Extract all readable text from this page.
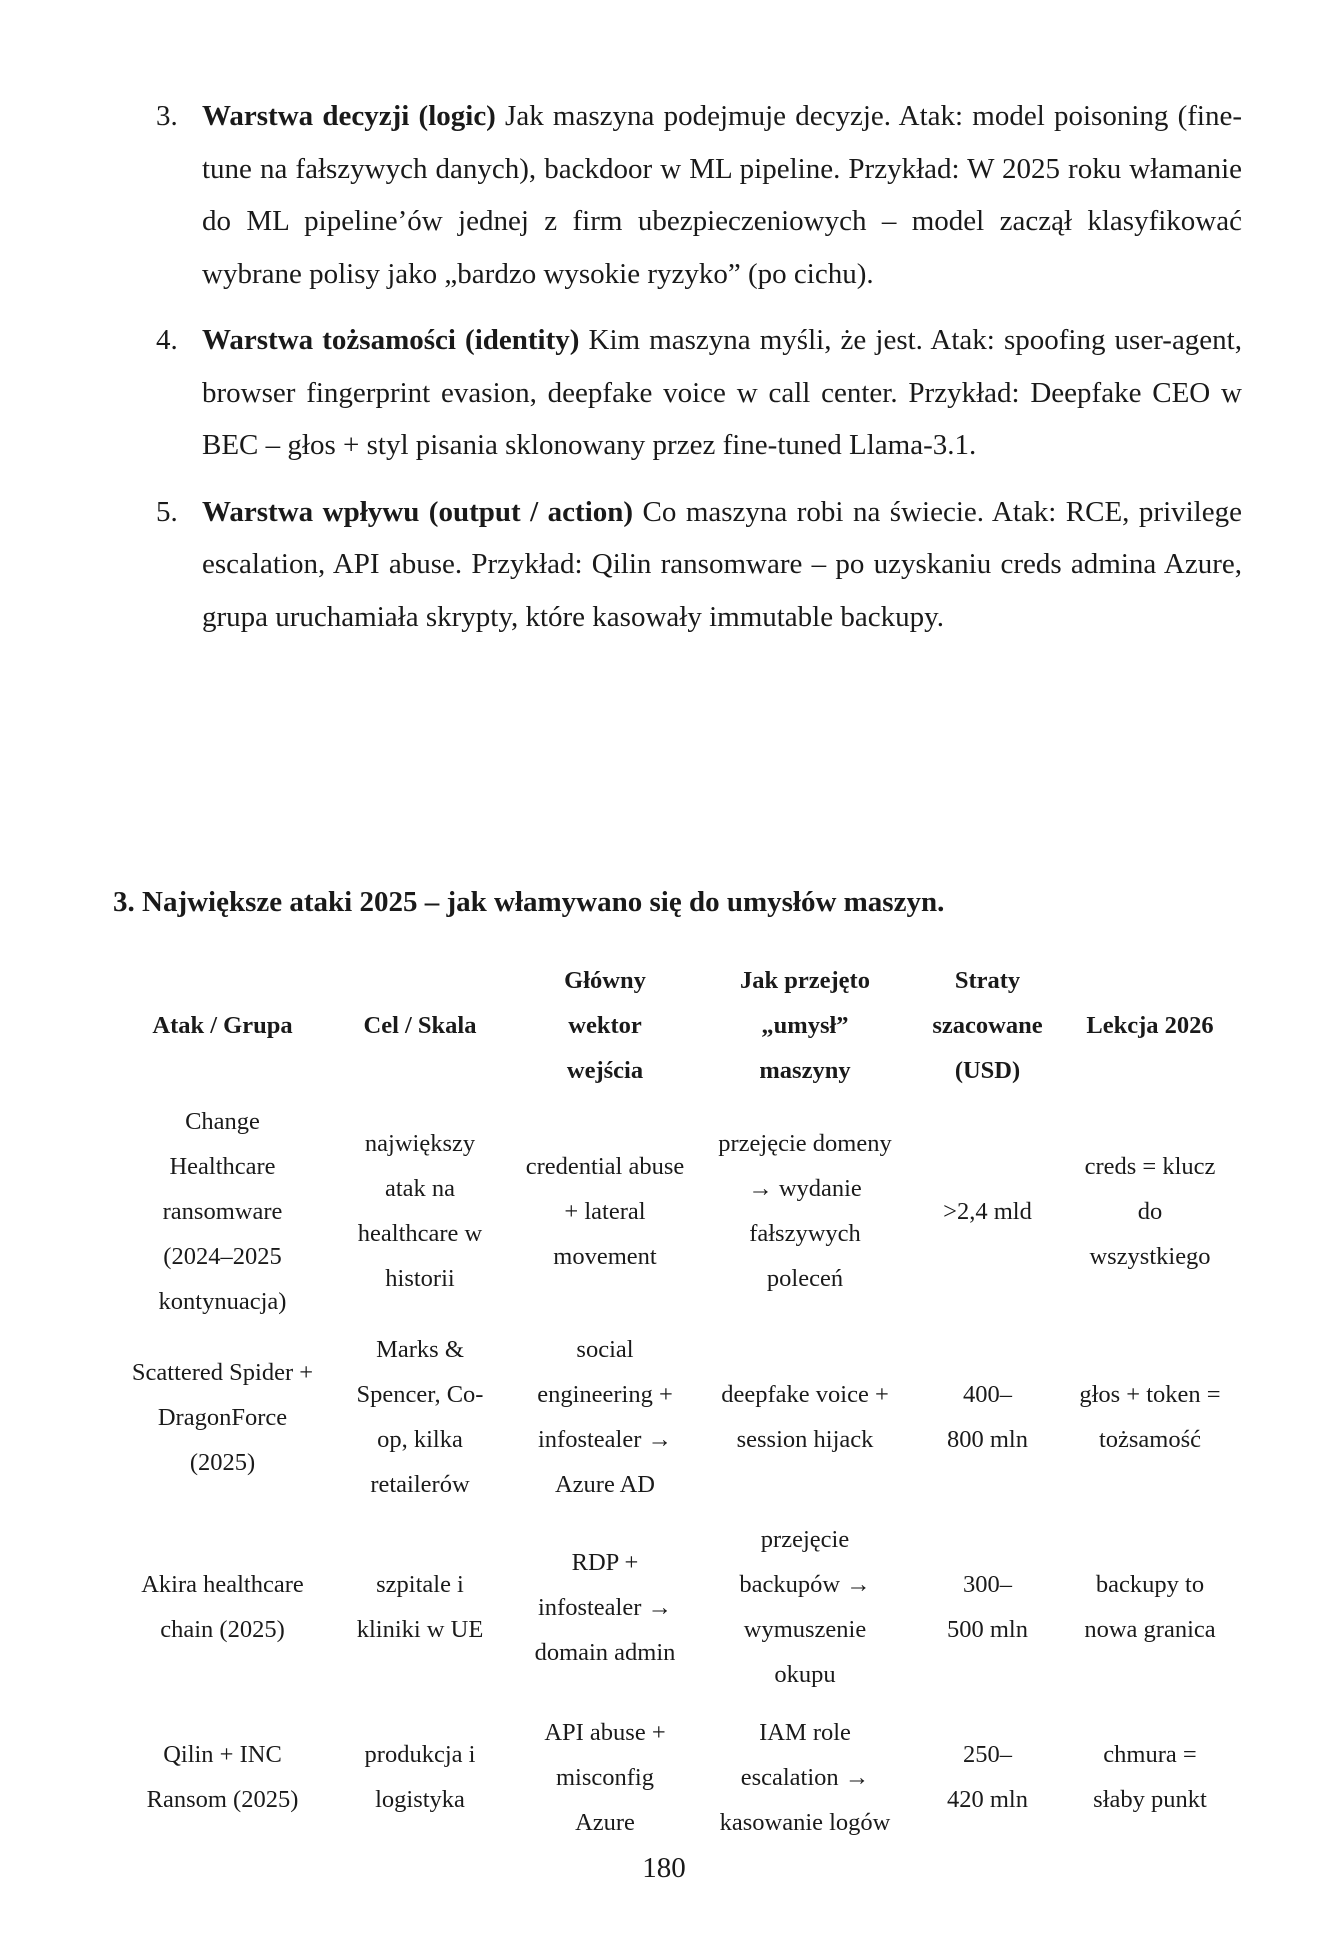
3. Warstwa decyzji (logic) Jak maszyna podejmuje decyzje. Atak: model poisoning (fine-tune na fałszywych danych), backdoor w ML pipeline. Przykład: W 2025 roku włamanie do ML pipeline’ów jednej z firm ubezpieczeniowych – model zaczął klasyfikować wybrane polisy jako „bardzo wysokie ryzyko” (po cichu).
4. Warstwa tożsamości (identity) Kim maszyna myśli, że jest. Atak: spoofing user-agent, browser fingerprint evasion, deepfake voice w call center. Przykład: Deepfake CEO w BEC – głos + styl pisania sklonowany przez fine-tuned Llama-3.1.
5. Warstwa wpływu (output / action) Co maszyna robi na świecie. Atak: RCE, privilege escalation, API abuse. Przykład: Qilin ransomware – po uzyskaniu creds admina Azure, grupa uruchamiała skrypty, które kasowały immutable backupy.
3. Największe ataki 2025 – jak włamywano się do umysłów maszyn.
Atak / Grupa	Cel / Skala	Główny wektor wejścia	Jak przejęto „umysł” maszyny	Straty szacowane (USD)	Lekcja 2026
Change Healthcare ransomware (2024–2025 kontynuacja)	największy atak na healthcare w historii	credential abuse + lateral movement	przejęcie domeny → wydanie fałszywych poleceń	>2,4 mld	creds = klucz do wszystkiego
Scattered Spider + DragonForce (2025)	Marks & Spencer, Co-op, kilka retailerów	social engineering + infostealer → Azure AD	deepfake voice + session hijack	400–800 mln	głos + token = tożsamość
Akira healthcare chain (2025)	szpitale i kliniki w UE	RDP + infostealer → domain admin	przejęcie backupów → wymuszenie okupu	300–500 mln	backupy to nowa granica
Qilin + INC Ransom (2025)	produkcja i logistyka	API abuse + misconfig Azure	IAM role escalation → kasowanie logów	250–420 mln	chmura = słaby punkt
180
